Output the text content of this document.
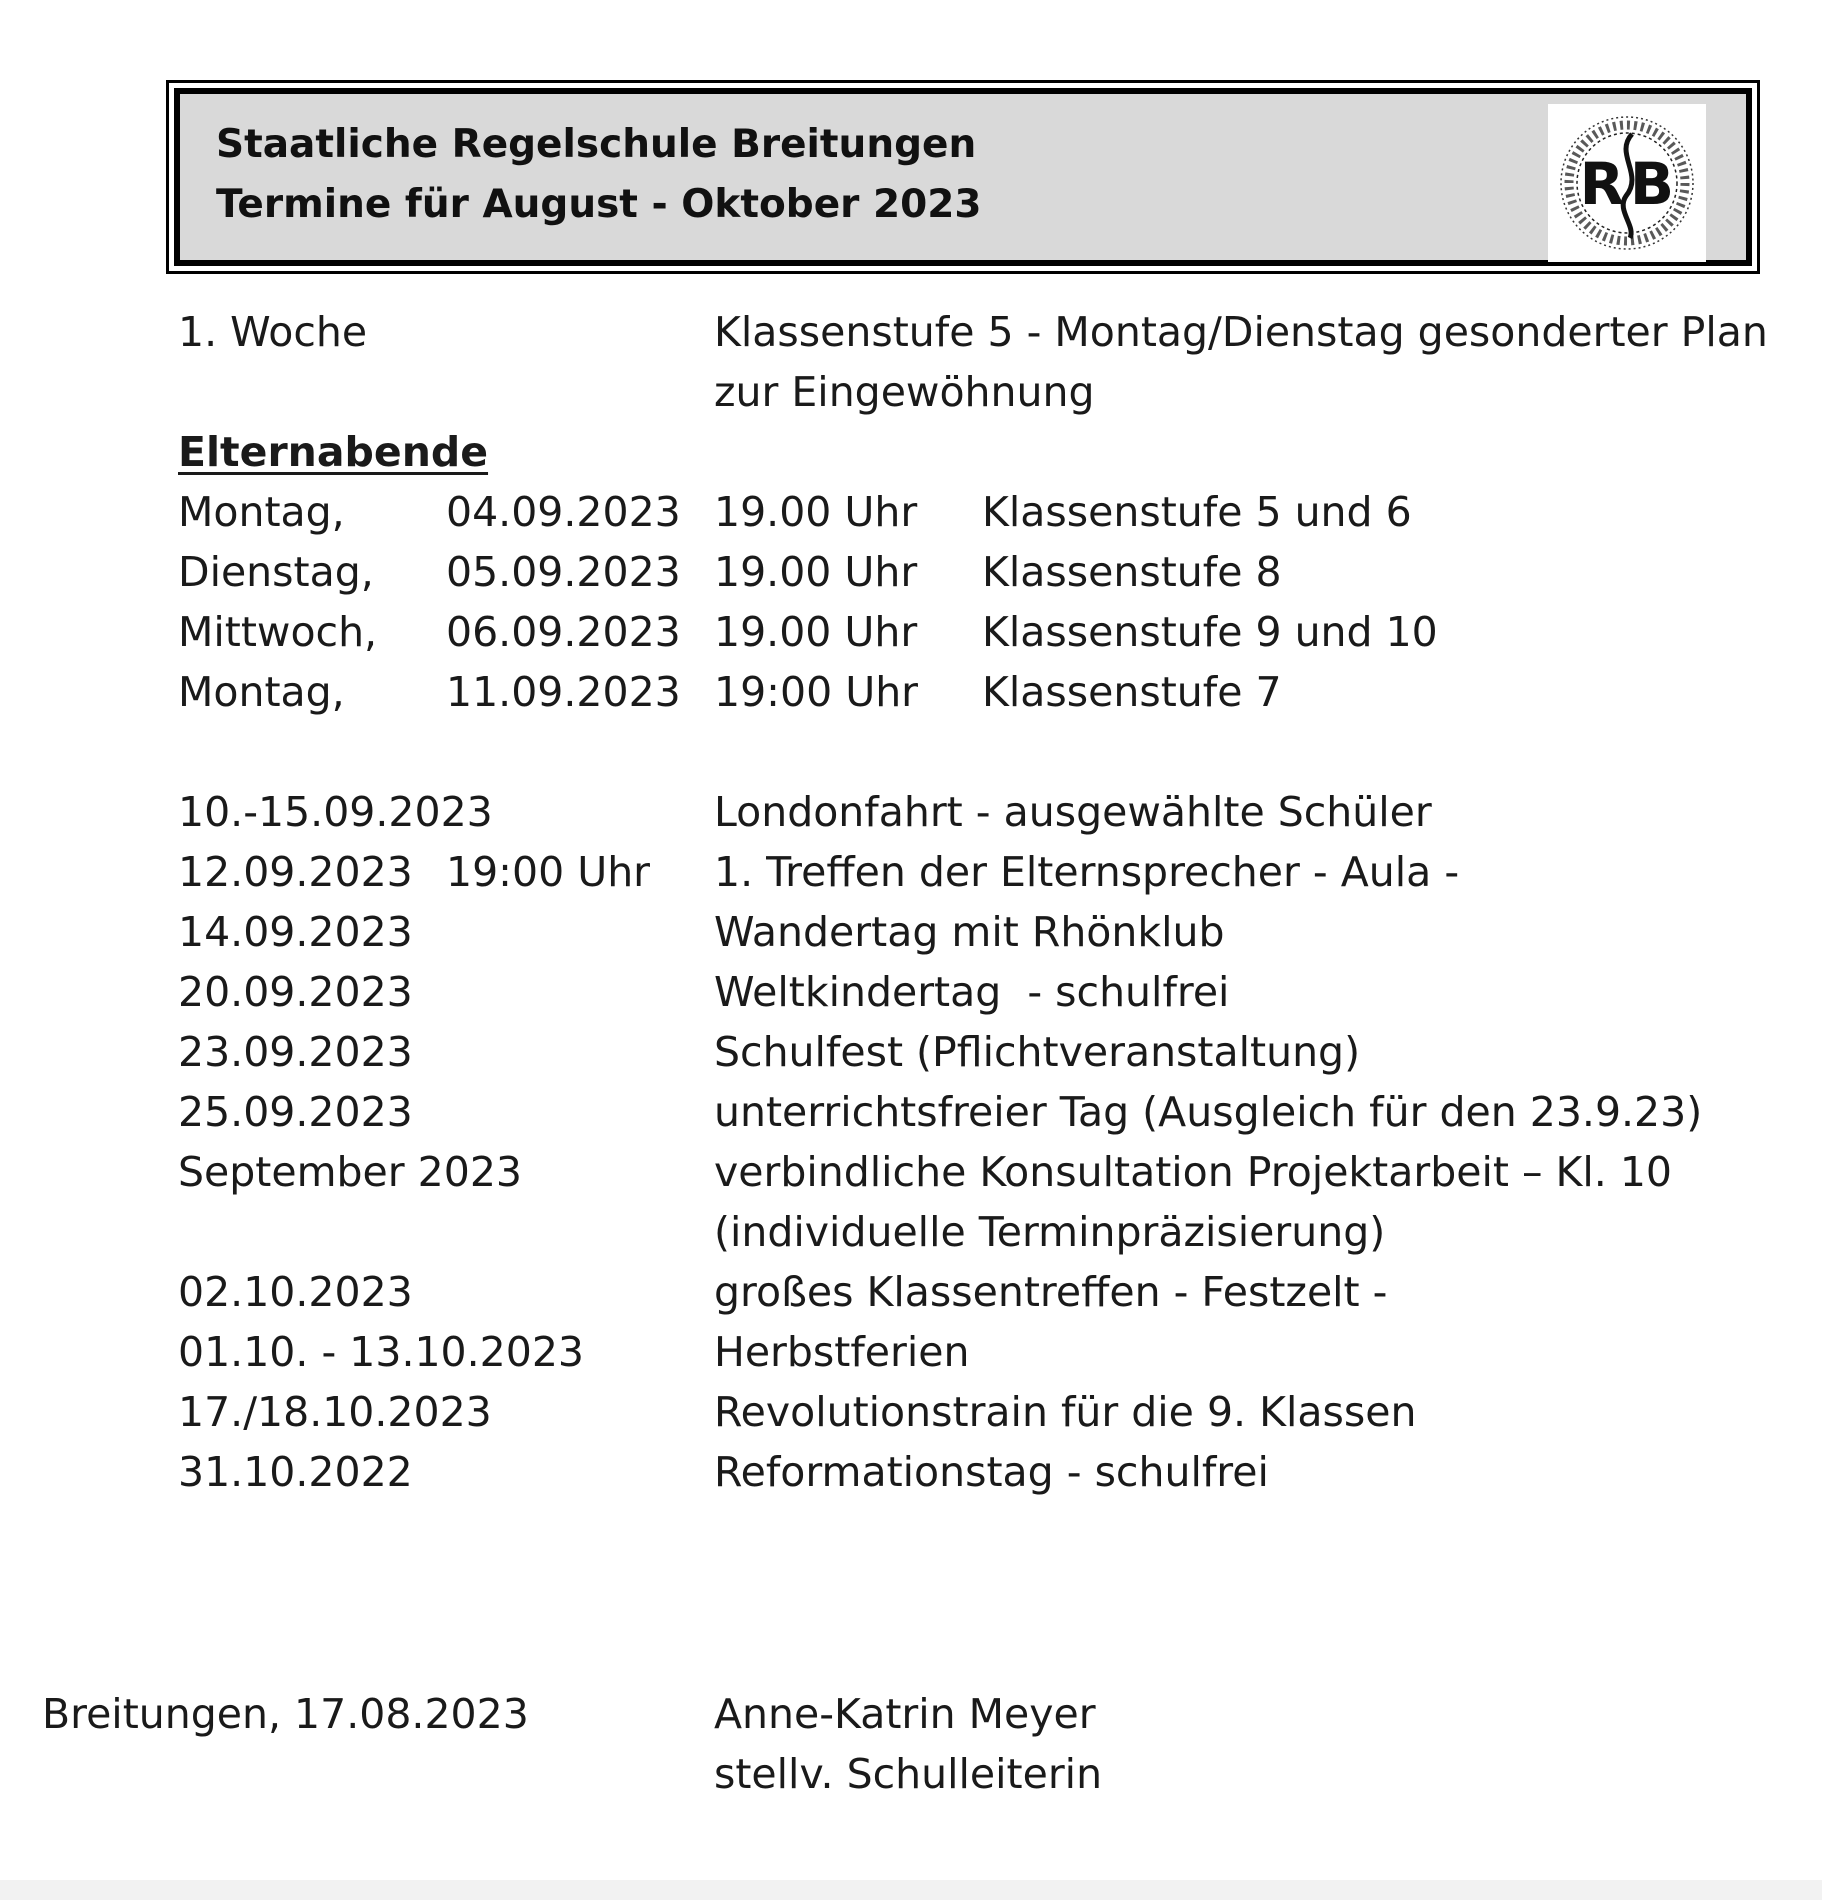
Staatliche Regelschule Breitungen
Termine für August - Oktober 2023	R B
1. Woche	Klassenstufe 5 - Montag/Dienstag gesonderter Plan
zur Eingewöhnung
Elternabende
Montag, 04.09.2023 19.00 Uhr Klassenstufe 5 und 6
Dienstag, 05.09.2023 19.00 Uhr Klassenstufe 8
Mittwoch, 06.09.2023 19.00 Uhr Klassenstufe 9 und 10
Montag, 11.09.2023 19:00 Uhr Klassenstufe 7
10.-15.09.2023	Londonfahrt - ausgewählte Schüler
12.09.2023 19:00 Uhr 1. Treffen der Elternsprecher - Aula -
14.09.2023	Wandertag mit Rhönklub
20.09.2023	Weltkindertag  - schulfrei
23.09.2023	Schulfest (Pflichtveranstaltung)
25.09.2023	unterrichtsfreier Tag (Ausgleich für den 23.9.23)
September 2023	verbindliche Konsultation Projektarbeit – Kl. 10
(individuelle Terminpräzisierung)
02.10.2023	großes Klassentreffen - Festzelt -
01.10. - 13.10.2023	Herbstferien
17./18.10.2023	Revolutionstrain für die 9. Klassen
31.10.2022	Reformationstag - schulfrei
Breitungen, 17.08.2023	Anne-Katrin Meyer
stellv. Schulleiterin
